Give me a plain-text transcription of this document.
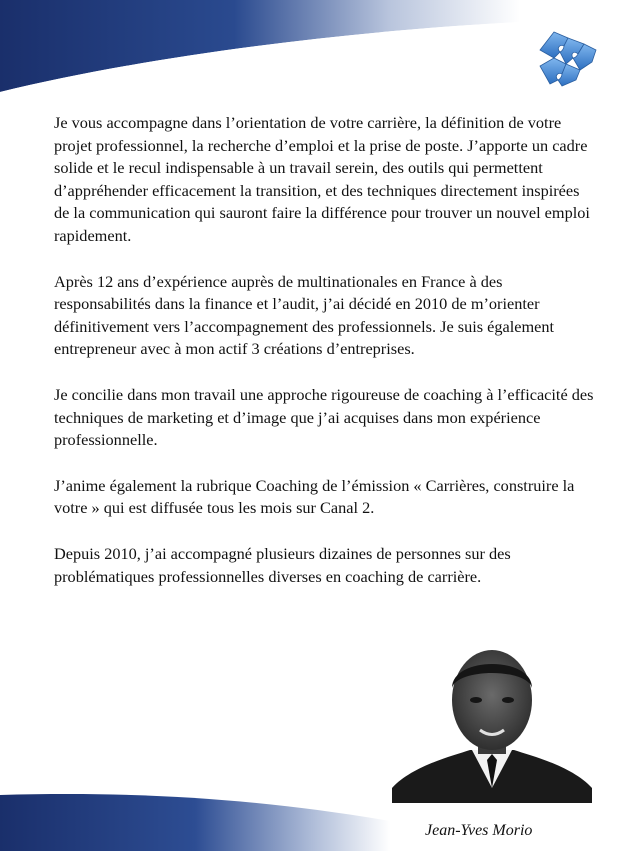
Je vous accompagne dans l’orientation de votre carrière, la définition de votre projet professionnel, la recherche d’emploi et la prise de poste. J’apporte un cadre solide et le recul indispensable à un travail serein, des outils qui permettent d’appréhender efficacement la transition, et des techniques directement inspirées de la communication qui sauront faire la différence pour trouver un nouvel emploi rapidement.

Après 12 ans d’expérience auprès de multinationales en France à des responsabilités dans la finance et l’audit, j’ai décidé en 2010 de m’orienter définitivement vers l’accompagnement des professionnels. Je suis également entrepreneur avec à mon actif 3 créations d’entreprises.

Je concilie dans mon travail une approche rigoureuse de coaching à l’efficacité des techniques de marketing et d’image que j’ai acquises dans mon expérience professionnelle.

J’anime également la rubrique Coaching de l’émission « Carrières, construire la votre » qui est diffusée tous les mois sur Canal 2.

Depuis 2010, j’ai accompagné plusieurs dizaines de personnes sur des problématiques professionnelles diverses en coaching de carrière.

Jean-Yves Morio
